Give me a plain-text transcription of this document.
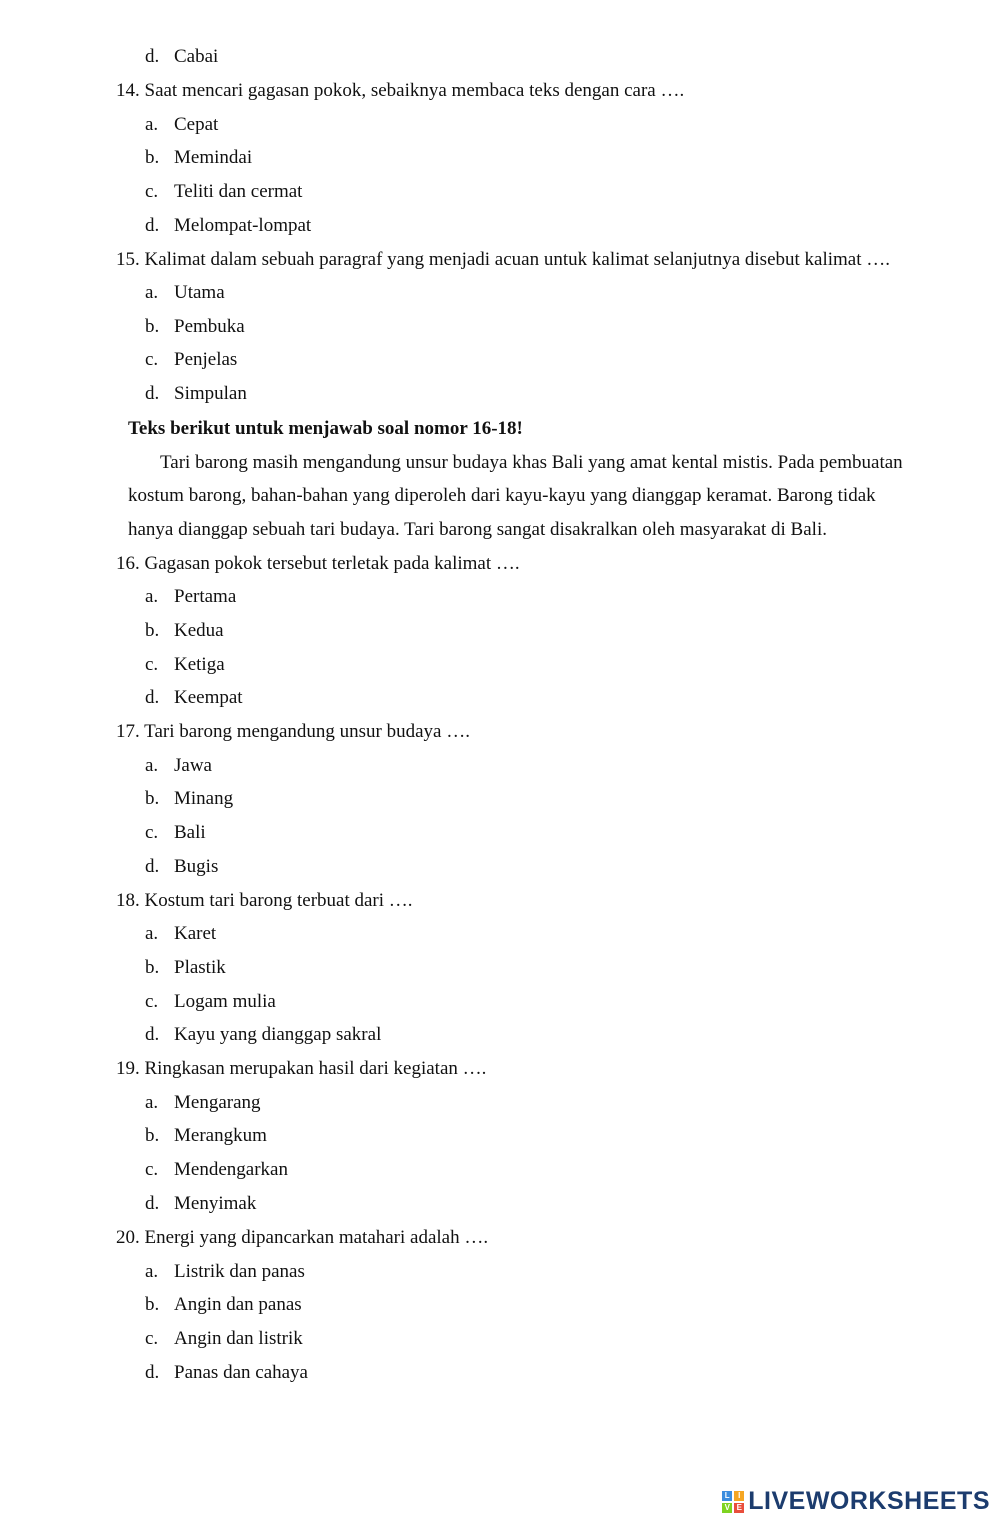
d. Cabai
14. Saat mencari gagasan pokok, sebaiknya membaca teks dengan cara ….
a. Cepat
b. Memindai
c. Teliti dan cermat
d. Melompat-lompat
15. Kalimat dalam sebuah paragraf yang menjadi acuan untuk kalimat selanjutnya disebut kalimat ….
a. Utama
b. Pembuka
c. Penjelas
d. Simpulan
Teks berikut untuk menjawab soal nomor 16-18!
Tari barong masih mengandung unsur budaya khas Bali yang amat kental mistis. Pada pembuatan
kostum barong, bahan-bahan yang diperoleh dari kayu-kayu yang dianggap keramat. Barong tidak
hanya dianggap sebuah tari budaya. Tari barong sangat disakralkan oleh masyarakat di Bali.
16. Gagasan pokok tersebut terletak pada kalimat ….
a. Pertama
b. Kedua
c. Ketiga
d. Keempat
17. Tari barong mengandung unsur budaya ….
a. Jawa
b. Minang
c. Bali
d. Bugis
18. Kostum tari barong terbuat dari ….
a. Karet
b. Plastik
c. Logam mulia
d. Kayu yang dianggap sakral
19. Ringkasan merupakan hasil dari kegiatan ….
a. Mengarang
b. Merangkum
c. Mendengarkan
d. Menyimak
20. Energi yang dipancarkan matahari adalah ….
a. Listrik dan panas
b. Angin dan panas
c. Angin dan listrik
d. Panas dan cahaya
L	I
V E LIVEWORKSHEETS
